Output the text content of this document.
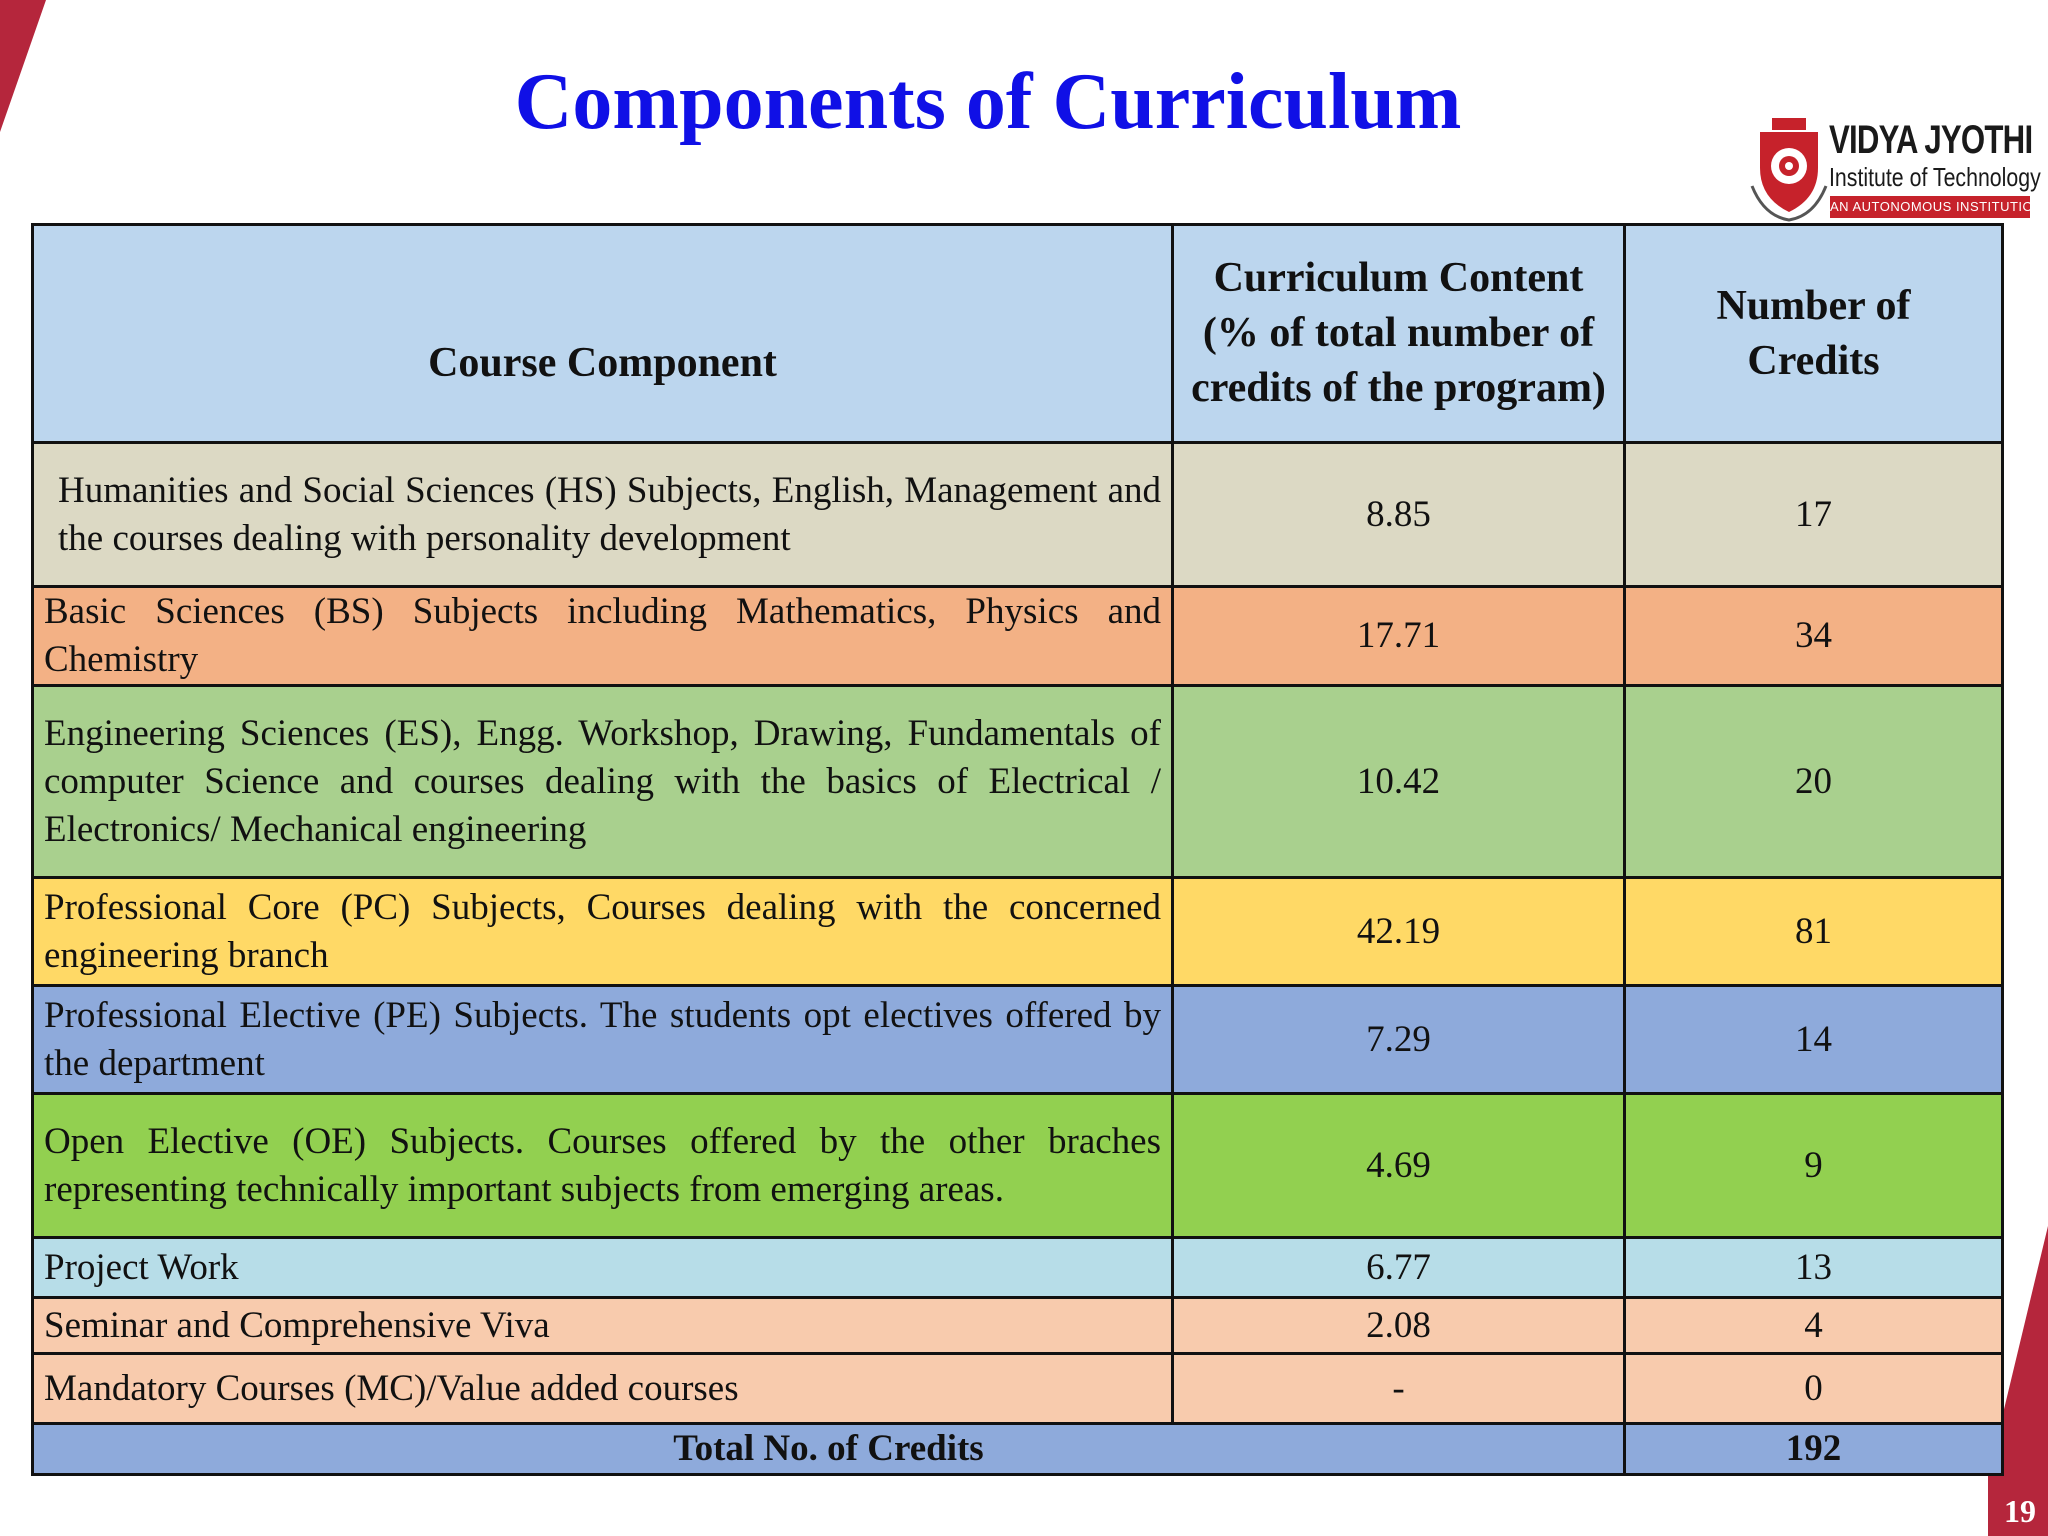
19
Components of Curriculum	VIDYA JYOTHI
Institute of Technology
AN AUTONOMOUS INSTITUTION
Course Component	Curriculum Content (% of total number of credits of the program)	Number of Credits
Humanities and Social Sciences (HS) Subjects, English, Management and the courses dealing with personality development	8.85	17
Basic Sciences (BS) Subjects including Mathematics, Physics and Chemistry	17.71	34
Engineering Sciences (ES), Engg. Workshop, Drawing, Fundamentals of computer Science and courses dealing with the basics of Electrical / Electronics/ Mechanical engineering	10.42	20
Professional Core (PC) Subjects, Courses dealing with the concerned engineering branch	42.19	81
Professional Elective (PE) Subjects. The students opt electives offered by the department	7.29	14
Open Elective (OE) Subjects. Courses offered by the other braches representing technically important subjects from emerging areas.	4.69	9
Project Work	6.77	13
Seminar and Comprehensive Viva	2.08	4
Mandatory Courses (MC)/Value added courses	-	0
Total No. of Credits		192
